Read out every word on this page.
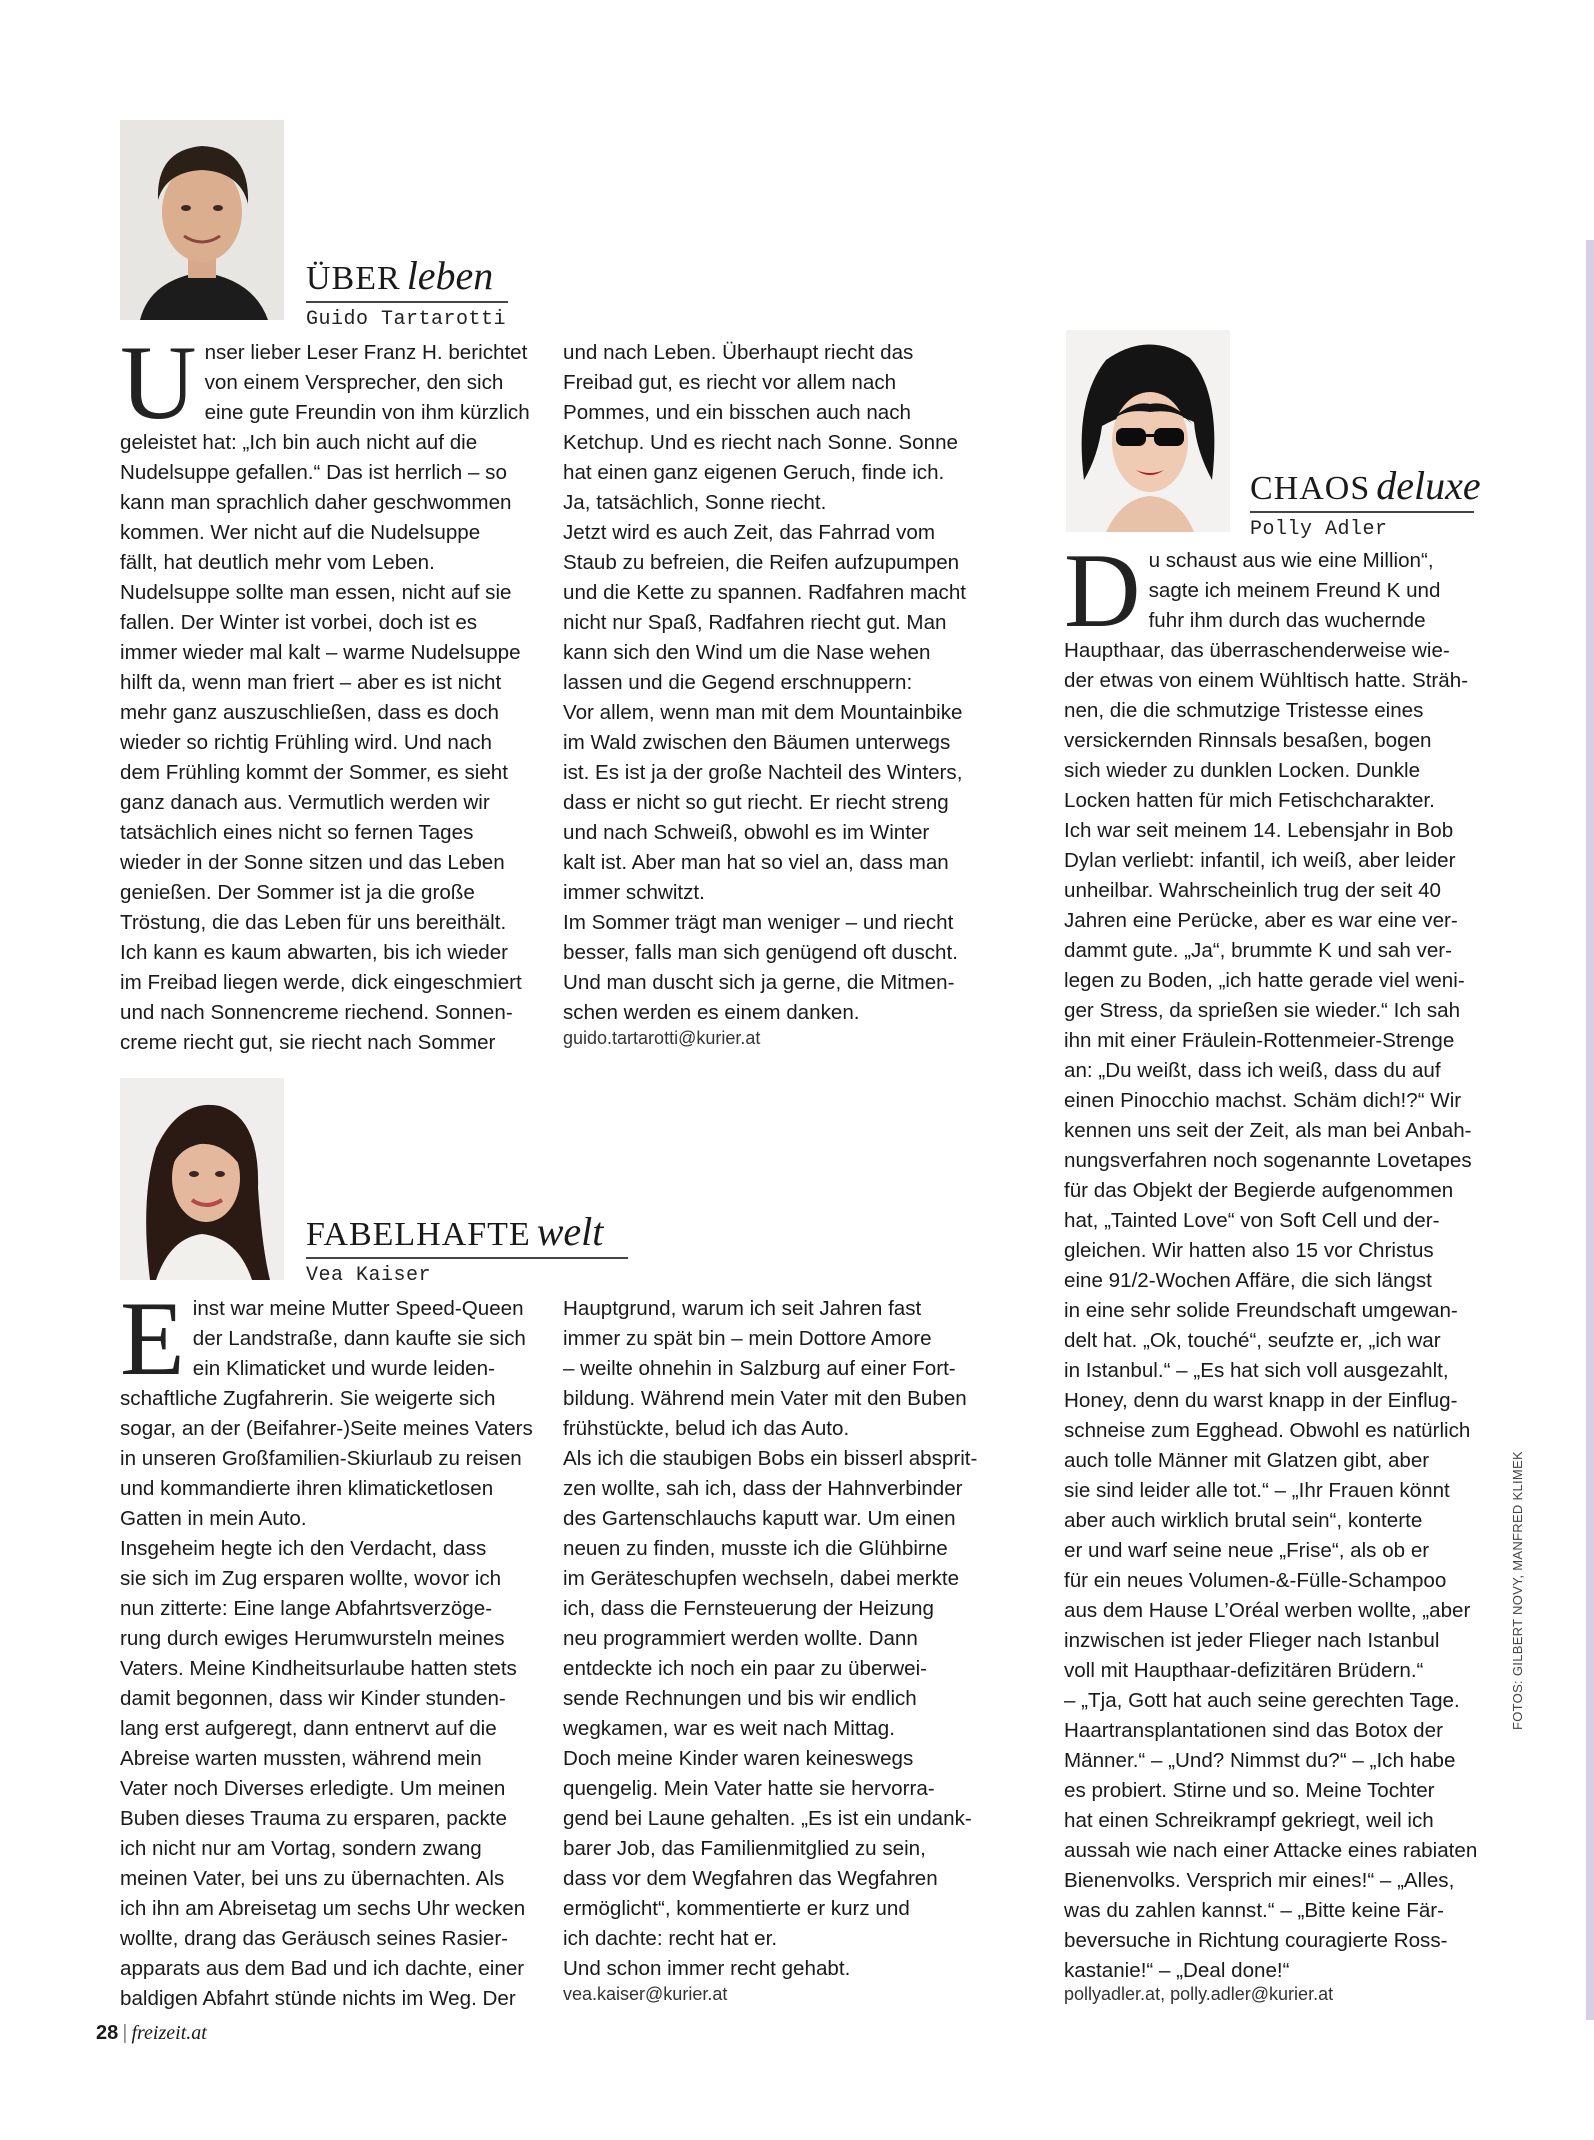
ÜBER leben
Guido Tartarotti
U nser lieber Leser Franz H. berichtet

von einem Versprecher, den sich

eine gute Freundin von ihm kürzlich

geleistet hat: „Ich bin auch nicht auf die

Nudelsuppe gefallen.“ Das ist herrlich – so

kann man sprachlich daher geschwommen

kommen. Wer nicht auf die Nudelsuppe

fällt, hat deutlich mehr vom Leben.

Nudelsuppe sollte man essen, nicht auf sie

fallen. Der Winter ist vorbei, doch ist es

immer wieder mal kalt – warme Nudelsuppe

hilft da, wenn man friert – aber es ist nicht

mehr ganz auszuschließen, dass es doch

wieder so richtig Frühling wird. Und nach

dem Frühling kommt der Sommer, es sieht

ganz danach aus. Vermutlich werden wir

tatsächlich eines nicht so fernen Tages

wieder in der Sonne sitzen und das Leben

genießen. Der Sommer ist ja die große

Tröstung, die das Leben für uns bereithält.

Ich kann es kaum abwarten, bis ich wieder

im Freibad liegen werde, dick eingeschmiert

und nach Sonnencreme riechend. Sonnen-

creme riecht gut, sie riecht nach Sommer

und nach Leben. Überhaupt riecht das

Freibad gut, es riecht vor allem nach

Pommes, und ein bisschen auch nach

Ketchup. Und es riecht nach Sonne. Sonne

hat einen ganz eigenen Geruch, finde ich.

Ja, tatsächlich, Sonne riecht.

Jetzt wird es auch Zeit, das Fahrrad vom

Staub zu befreien, die Reifen aufzupumpen

und die Kette zu spannen. Radfahren macht

nicht nur Spaß, Radfahren riecht gut. Man

kann sich den Wind um die Nase wehen

lassen und die Gegend erschnuppern:

Vor allem, wenn man mit dem Mountainbike

im Wald zwischen den Bäumen unterwegs

ist. Es ist ja der große Nachteil des Winters,

dass er nicht so gut riecht. Er riecht streng

und nach Schweiß, obwohl es im Winter

kalt ist. Aber man hat so viel an, dass man

immer schwitzt.

Im Sommer trägt man weniger – und riecht

besser, falls man sich genügend oft duscht.

Und man duscht sich ja gerne, die Mitmen-

schen werden es einem danken.

guido.tartarotti@kurier.at
FABELHAFTE welt
Vea Kaiser
E inst war meine Mutter Speed-Queen

der Landstraße, dann kaufte sie sich

ein Klimaticket und wurde leiden-

schaftliche Zugfahrerin. Sie weigerte sich

sogar, an der (Beifahrer-)Seite meines Vaters

in unseren Großfamilien-Skiurlaub zu reisen

und kommandierte ihren klimaticketlosen

Gatten in mein Auto.

Insgeheim hegte ich den Verdacht, dass

sie sich im Zug ersparen wollte, wovor ich

nun zitterte: Eine lange Abfahrtsverzöge-

rung durch ewiges Herumwursteln meines

Vaters. Meine Kindheitsurlaube hatten stets

damit begonnen, dass wir Kinder stunden-

lang erst aufgeregt, dann entnervt auf die

Abreise warten mussten, während mein

Vater noch Diverses erledigte. Um meinen

Buben dieses Trauma zu ersparen, packte

ich nicht nur am Vortag, sondern zwang

meinen Vater, bei uns zu übernachten. Als

ich ihn am Abreisetag um sechs Uhr wecken

wollte, drang das Geräusch seines Rasier-

apparats aus dem Bad und ich dachte, einer

baldigen Abfahrt stünde nichts im Weg. Der

Hauptgrund, warum ich seit Jahren fast

immer zu spät bin – mein Dottore Amore

– weilte ohnehin in Salzburg auf einer Fort-

bildung. Während mein Vater mit den Buben

frühstückte, belud ich das Auto.

Als ich die staubigen Bobs ein bisserl absprit-

zen wollte, sah ich, dass der Hahnverbinder

des Gartenschlauchs kaputt war. Um einen

neuen zu finden, musste ich die Glühbirne

im Geräteschupfen wechseln, dabei merkte

ich, dass die Fernsteuerung der Heizung

neu programmiert werden wollte. Dann

entdeckte ich noch ein paar zu überwei-

sende Rechnungen und bis wir endlich

wegkamen, war es weit nach Mittag.

Doch meine Kinder waren keineswegs

quengelig. Mein Vater hatte sie hervorra-

gend bei Laune gehalten. „Es ist ein undank-

barer Job, das Familienmitglied zu sein,

dass vor dem Wegfahren das Wegfahren

ermöglicht“, kommentierte er kurz und

ich dachte: recht hat er.

Und schon immer recht gehabt.

vea.kaiser@kurier.at
CHAOS deluxe
Polly Adler
D u schaust aus wie eine Million“,

sagte ich meinem Freund K und

fuhr ihm durch das wuchernde

Haupthaar, das überraschenderweise wie-

der etwas von einem Wühltisch hatte. Sträh-

nen, die die schmutzige Tristesse eines

versickernden Rinnsals besaßen, bogen

sich wieder zu dunklen Locken. Dunkle

Locken hatten für mich Fetischcharakter.

Ich war seit meinem 14. Lebensjahr in Bob

Dylan verliebt: infantil, ich weiß, aber leider

unheilbar. Wahrscheinlich trug der seit 40

Jahren eine Perücke, aber es war eine ver-

dammt gute. „Ja“, brummte K und sah ver-

legen zu Boden, „ich hatte gerade viel weni-

ger Stress, da sprießen sie wieder.“ Ich sah

ihn mit einer Fräulein-Rottenmeier-Strenge

an: „Du weißt, dass ich weiß, dass du auf

einen Pinocchio machst. Schäm dich!?“ Wir

kennen uns seit der Zeit, als man bei Anbah-

nungsverfahren noch sogenannte Lovetapes

für das Objekt der Begierde aufgenommen

hat, „Tainted Love“ von Soft Cell und der-

gleichen. Wir hatten also 15 vor Christus

eine 91/2-Wochen Affäre, die sich längst

in eine sehr solide Freundschaft umgewan-

delt hat. „Ok, touché“, seufzte er, „ich war

in Istanbul.“ – „Es hat sich voll ausgezahlt,

Honey, denn du warst knapp in der Einflug-

schneise zum Egghead. Obwohl es natürlich

auch tolle Männer mit Glatzen gibt, aber

sie sind leider alle tot.“ – „Ihr Frauen könnt

aber auch wirklich brutal sein“, konterte

er und warf seine neue „Frise“, als ob er

für ein neues Volumen-&-Fülle-Schampoo

aus dem Hause L’Oréal werben wollte, „aber

inzwischen ist jeder Flieger nach Istanbul

voll mit Haupthaar-defizitären Brüdern.“

– „Tja, Gott hat auch seine gerechten Tage.

Haartransplantationen sind das Botox der

Männer.“ – „Und? Nimmst du?“ – „Ich habe

es probiert. Stirne und so. Meine Tochter

hat einen Schreikrampf gekriegt, weil ich

aussah wie nach einer Attacke eines rabiaten

Bienenvolks. Versprich mir eines!“ – „Alles,

was du zahlen kannst.“ – „Bitte keine Fär-

beversuche in Richtung couragierte Ross-

kastanie!“ – „Deal done!“

pollyadler.at, polly.adler@kurier.at
FOTOS: GILBERT NOVY, MANFRED KLIMEK
28 | freizeit.at
